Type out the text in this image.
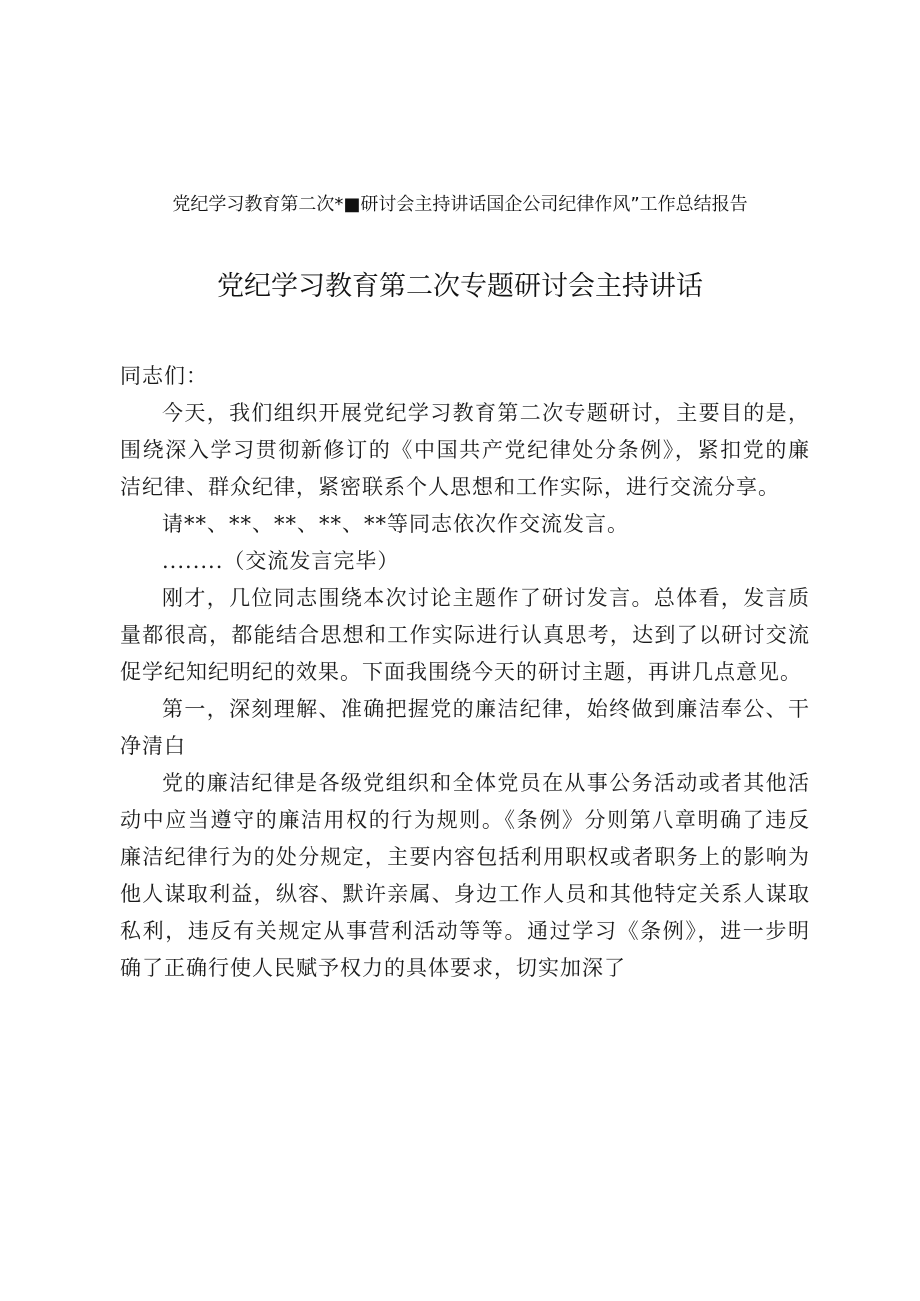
党纪学习教育第二次*■研讨会主持讲话国企公司纪律作风”工作总结报告
党纪学习教育第二次专题研讨会主持讲话

同志们：

今天，我们组织开展党纪学习教育第二次专题研讨，主要目的是，围绕深入学习贯彻新修订的《中国共产党纪律处分条例》，紧扣党的廉洁纪律、群众纪律，紧密联系个人思想和工作实际，进行交流分享。

请**、**、**、**、**等同志依次作交流发言。

........（交流发言完毕）

刚才，几位同志围绕本次讨论主题作了研讨发言。总体看，发言质量都很高，都能结合思想和工作实际进行认真思考，达到了以研讨交流促学纪知纪明纪的效果。下面我围绕今天的研讨主题，再讲几点意见。

第一，深刻理解、准确把握党的廉洁纪律，始终做到廉洁奉公、干净清白

党的廉洁纪律是各级党组织和全体党员在从事公务活动或者其他活动中应当遵守的廉洁用权的行为规则。《条例》分则第八章明确了违反廉洁纪律行为的处分规定，主要内容包括利用职权或者职务上的影响为他人谋取利益，纵容、默许亲属、身边工作人员和其他特定关系人谋取私利，违反有关规定从事营利活动等等。通过学习《条例》，进一步明确了正确行使人民赋予权力的具体要求，切实加深了
